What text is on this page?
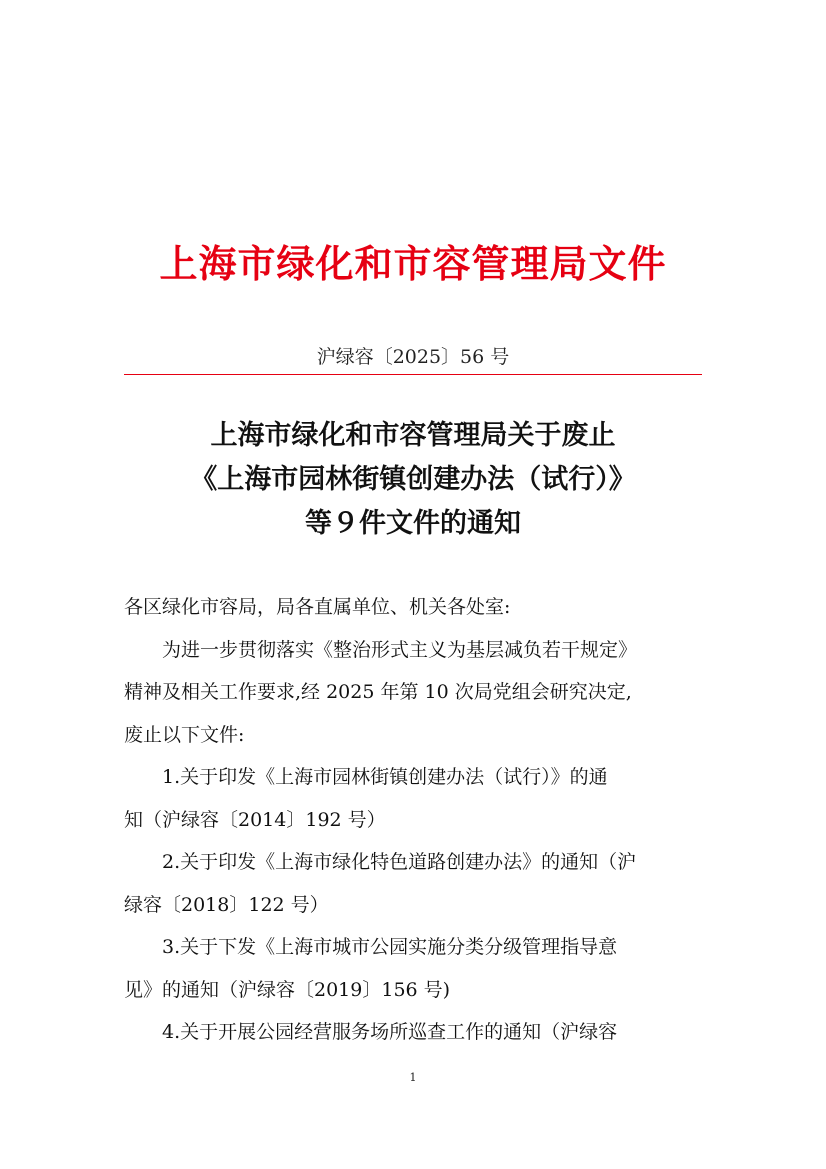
上海市绿化和市容管理局文件
沪绿容〔2025〕56 号
上海市绿化和市容管理局关于废止
《上海市园林街镇创建办法（试行）》
等９件文件的通知
各区绿化市容局，局各直属单位、机关各处室:
为进一步贯彻落实《整治形式主义为基层减负若干规定》
精神及相关工作要求,经 2025 年第 10 次局党组会研究决定,
废止以下文件:
1.关于印发《上海市园林街镇创建办法（试行）》的通
知（沪绿容〔2014〕192 号）
2.关于印发《上海市绿化特色道路创建办法》的通知（沪
绿容〔2018〕122 号）
3.关于下发《上海市城市公园实施分类分级管理指导意
见》的通知（沪绿容〔2019〕156 号)
4.关于开展公园经营服务场所巡查工作的通知（沪绿容
1
